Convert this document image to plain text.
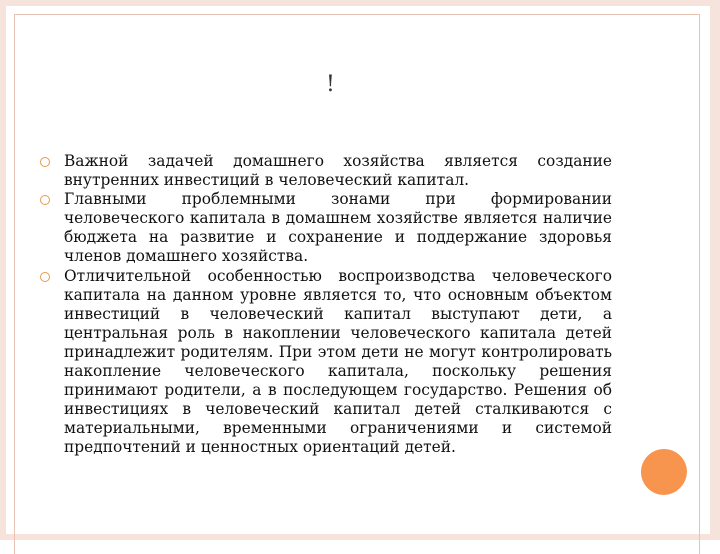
!
Важной задачей домашнего хозяйства является создание внутренних инвестиций в человеческий капитал.
Главными проблемными зонами при формировании человеческого капитала в домашнем хозяйстве является наличие бюджета на развитие и сохранение и поддержание здоровья членов домашнего хозяйства.
Отличительной особенностью воспроизводства человеческого капитала на данном уровне является то, что основным объектом инвестиций в человеческий капитал выступают дети, а центральная роль в накоплении человеческого капитала детей принадлежит родителям. При этом дети не могут контролировать накопление человеческого капитала, поскольку решения принимают родители, а в последующем государство. Решения об инвестициях в человеческий капитал детей сталкиваются с материальными, временными ограничениями и системой предпочтений и ценностных ориентаций детей.
